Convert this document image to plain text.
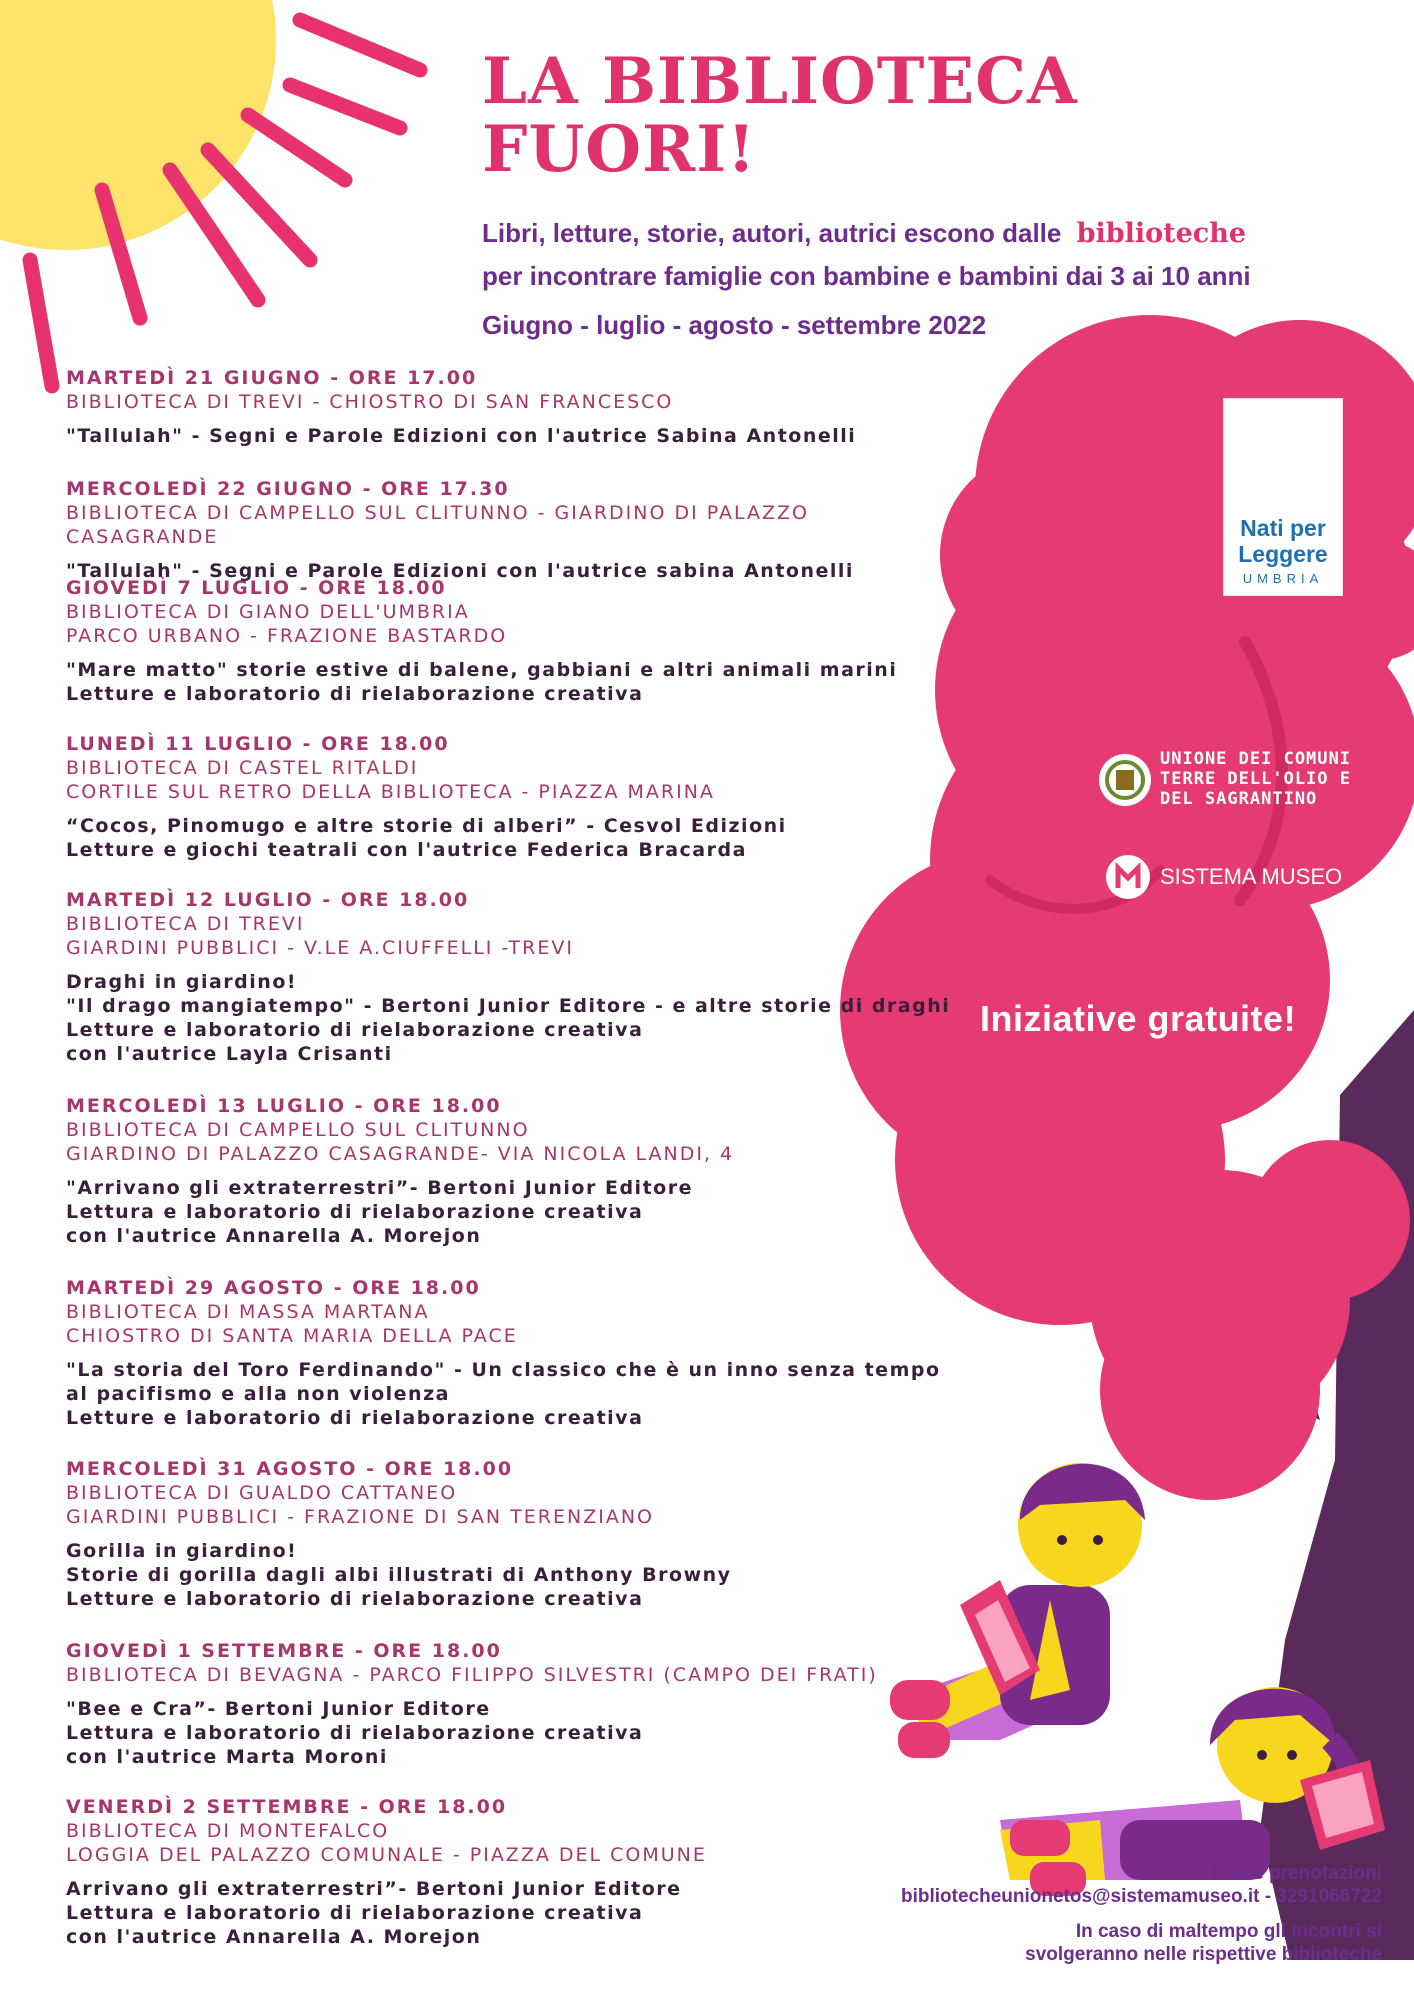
LA BIBLIOTECA
FUORI!

Libri, letture, storie, autori, autrici escono dalle biblioteche
per incontrare famiglie con bambine e bambini dai 3 ai 10 anni

Giugno - luglio - agosto - settembre 2022

MARTEDÌ 21 GIUGNO - ORE 17.00
BIBLIOTECA DI TREVI - CHIOSTRO DI SAN FRANCESCO
"Tallulah" - Segni e Parole Edizioni con l'autrice Sabina Antonelli
MERCOLEDÌ 22 GIUGNO - ORE 17.30
BIBLIOTECA DI CAMPELLO SUL CLITUNNO - GIARDINO DI PALAZZO CASAGRANDE
"Tallulah" - Segni e Parole Edizioni con l'autrice sabina Antonelli
GIOVEDÌ 7 LUGLIO - ORE 18.00
BIBLIOTECA DI GIANO DELL'UMBRIA
PARCO URBANO - FRAZIONE BASTARDO
"Mare matto" storie estive di balene, gabbiani e altri animali marini
Letture e laboratorio di rielaborazione creativa
LUNEDÌ 11 LUGLIO - ORE 18.00
BIBLIOTECA DI CASTEL RITALDI
CORTILE SUL RETRO DELLA BIBLIOTECA - PIAZZA MARINA
“Cocos, Pinomugo e altre storie di alberi” - Cesvol Edizioni
Letture e giochi teatrali con l'autrice Federica Bracarda
MARTEDÌ 12 LUGLIO - ORE 18.00
BIBLIOTECA DI TREVI
GIARDINI PUBBLICI - V.LE A.CIUFFELLI -TREVI
Draghi in giardino!
"Il drago mangiatempo" - Bertoni Junior Editore - e altre storie di draghi
Letture e laboratorio di rielaborazione creativa
con l'autrice Layla Crisanti
MERCOLEDÌ 13 LUGLIO - ORE 18.00
BIBLIOTECA DI CAMPELLO SUL CLITUNNO
GIARDINO DI PALAZZO CASAGRANDE- VIA NICOLA LANDI, 4
"Arrivano gli extraterrestri”- Bertoni Junior Editore
Lettura e laboratorio di rielaborazione creativa
con l'autrice Annarella A. Morejon
MARTEDÌ 29 AGOSTO - ORE 18.00
BIBLIOTECA DI MASSA MARTANA
CHIOSTRO DI SANTA MARIA DELLA PACE
"La storia del Toro Ferdinando" - Un classico che è un inno senza tempo
al pacifismo e alla non violenza
Letture e laboratorio di rielaborazione creativa
MERCOLEDÌ 31 AGOSTO - ORE 18.00
BIBLIOTECA DI GUALDO CATTANEO
GIARDINI PUBBLICI - FRAZIONE DI SAN TERENZIANO
Gorilla in giardino!
Storie di gorilla dagli albi illustrati di Anthony Browny
Letture e laboratorio di rielaborazione creativa
GIOVEDÌ 1 SETTEMBRE - ORE 18.00
BIBLIOTECA DI BEVAGNA - PARCO FILIPPO SILVESTRI (CAMPO DEI FRATI)
"Bee e Cra”- Bertoni Junior Editore
Lettura e laboratorio di rielaborazione creativa
con l'autrice Marta Moroni
VENERDÌ 2 SETTEMBRE - ORE 18.00
BIBLIOTECA DI MONTEFALCO
LOGGIA DEL PALAZZO COMUNALE - PIAZZA DEL COMUNE
Arrivano gli extraterrestri”- Bertoni Junior Editore
Lettura e laboratorio di rielaborazione creativa
con l'autrice Annarella A. Morejon
Nati per
Leggere
UMBRIA

UNIONE DEI COMUNI
TERRE DELL'OLIO E
DEL SAGRANTINO

SISTEMA MUSEO
Iniziative gratuite!
Info e prenotazioni
bibliotecheunionetos@sistemamuseo.it - 3291066722
In caso di maltempo gli incontri si
svolgeranno nelle rispettive biblioteche
